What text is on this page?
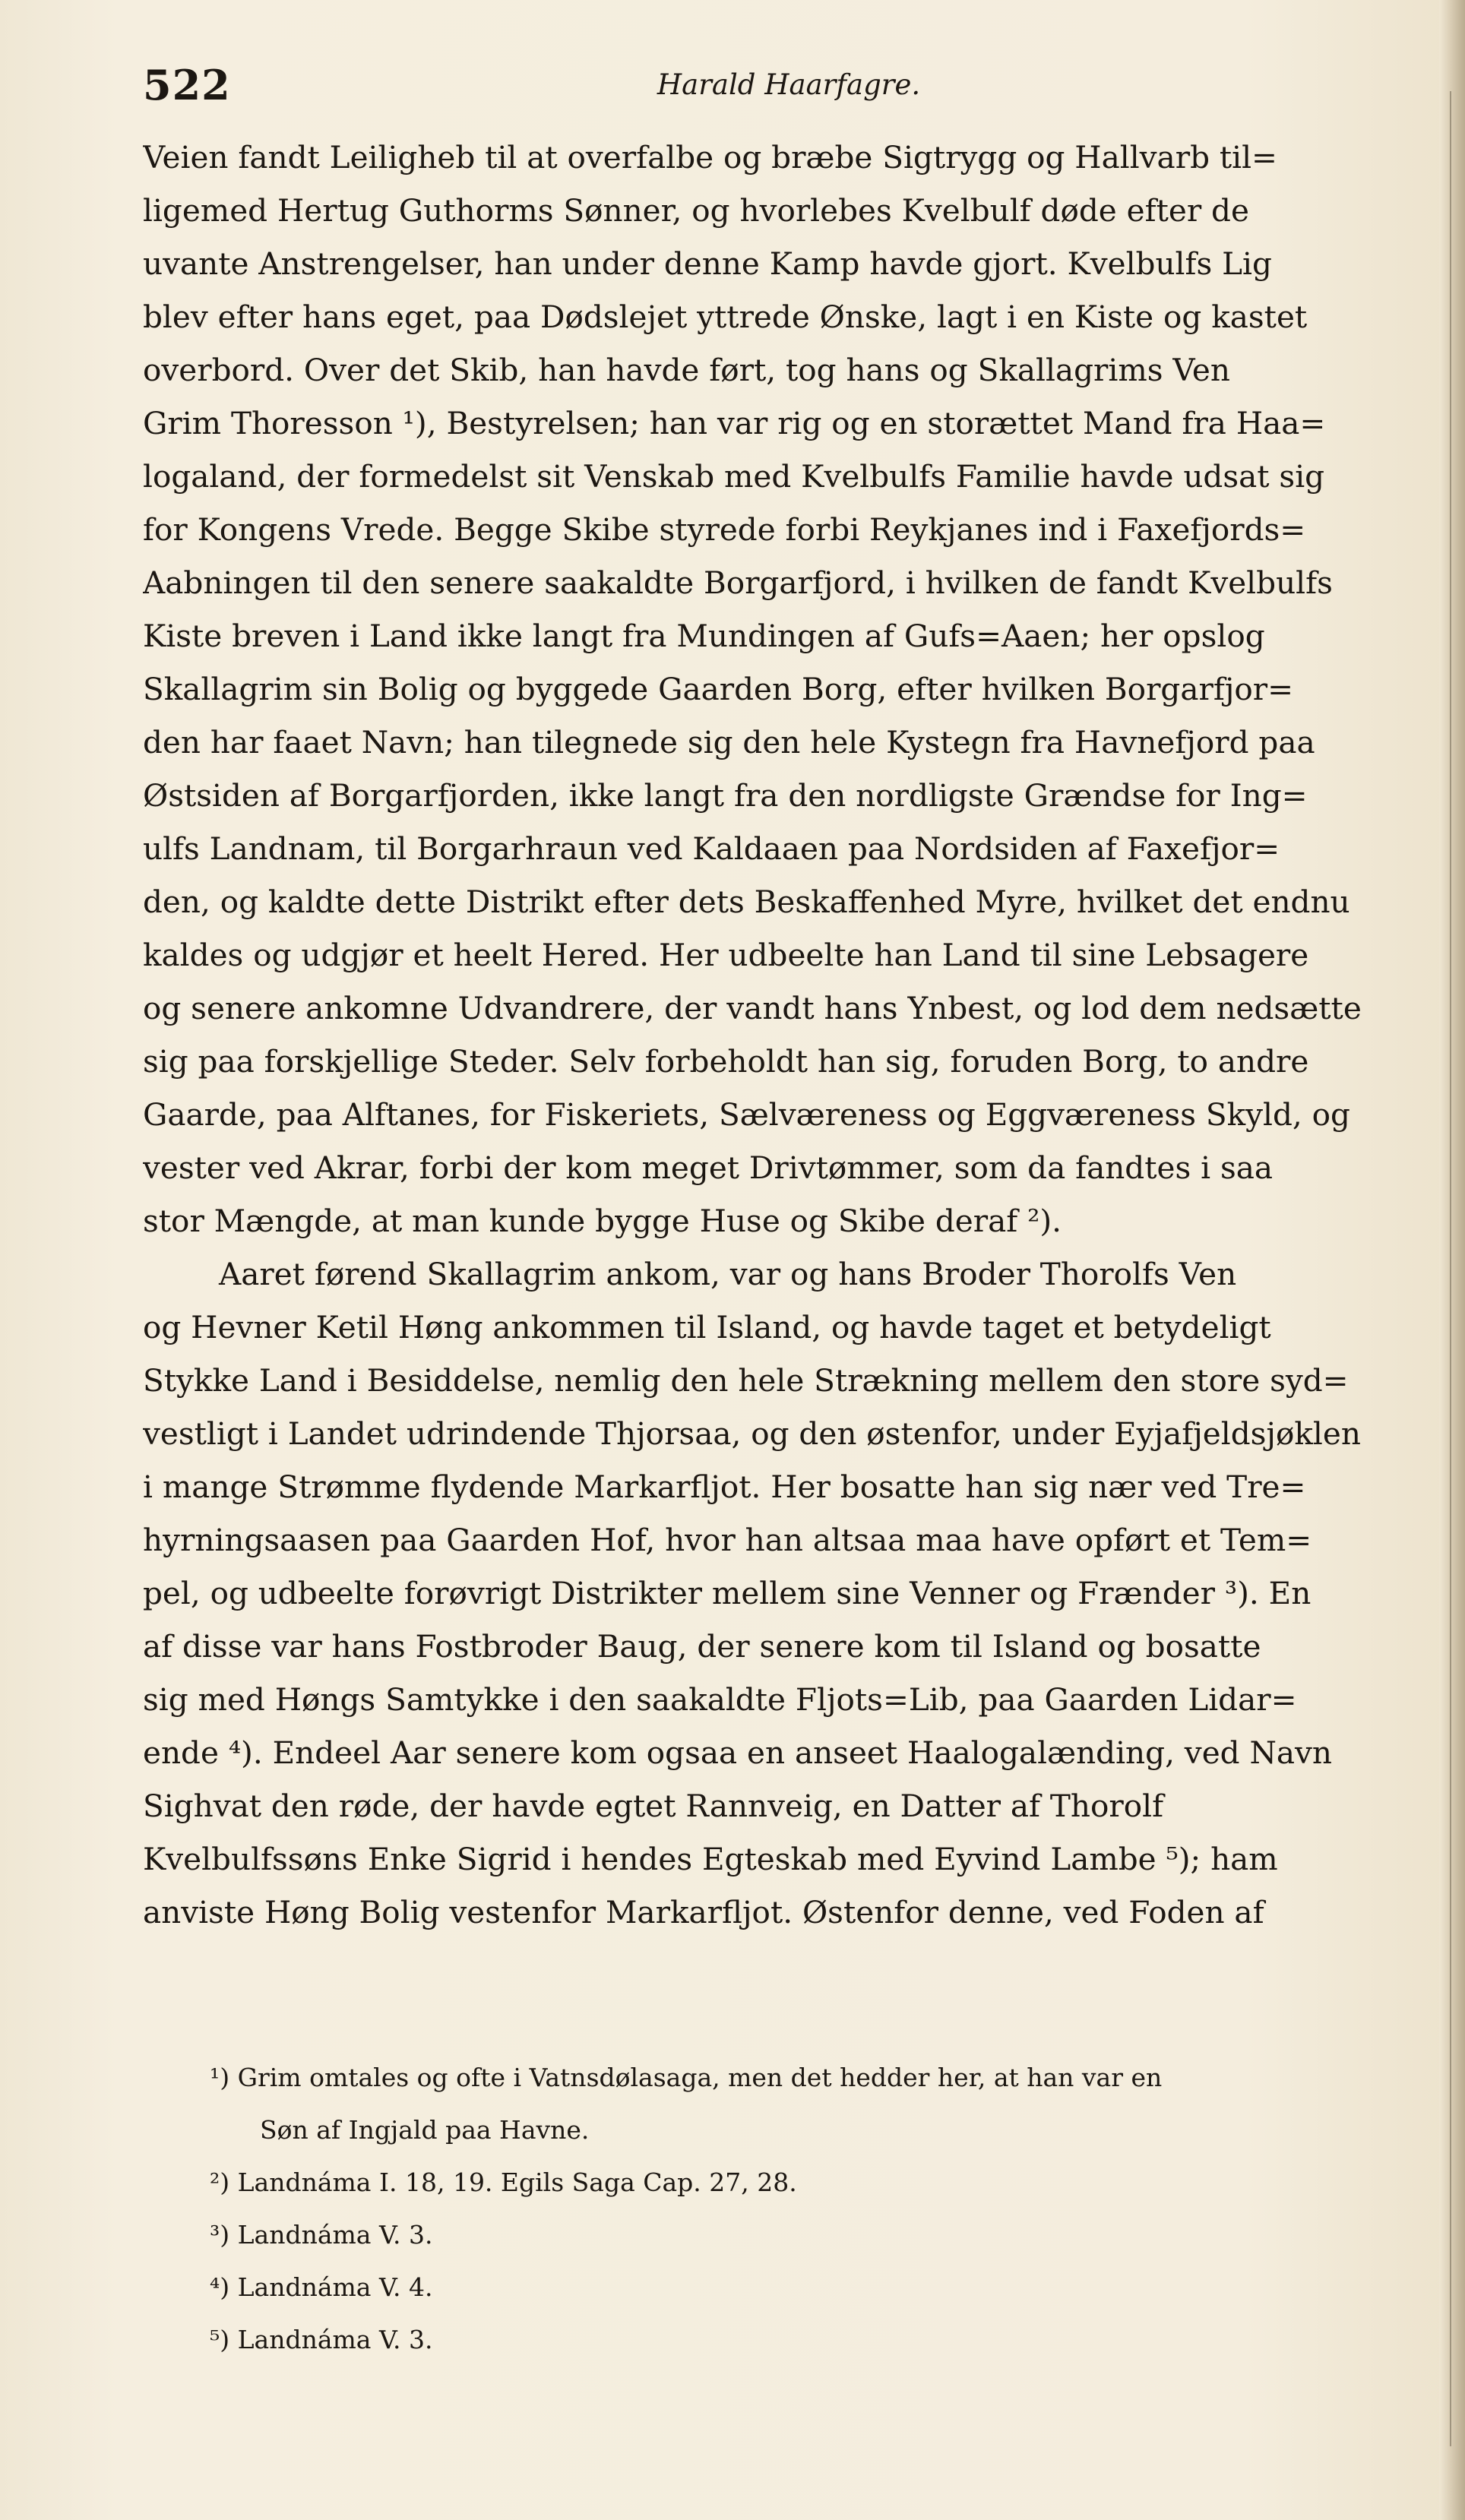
522	Harald Haarfagre.
Veien fandt Leiligheb til at overfalbe og bræbe Sigtrygg og Hallvarb til=
ligemed Hertug Guthorms Sønner, og hvorlebes Kvelbulf døde efter de
uvante Anstrengelser, han under denne Kamp havde gjort. Kvelbulfs Lig
blev efter hans eget, paa Dødslejet yttrede Ønske, lagt i en Kiste og kastet
overbord. Over det Skib, han havde ført, tog hans og Skallagrims Ven
Grim Thoresson ¹), Bestyrelsen; han var rig og en storættet Mand fra Haa=
logaland, der formedelst sit Venskab med Kvelbulfs Familie havde udsat sig
for Kongens Vrede. Begge Skibe styrede forbi Reykjanes ind i Faxefjords=
Aabningen til den senere saakaldte Borgarfjord, i hvilken de fandt Kvelbulfs
Kiste breven i Land ikke langt fra Mundingen af Gufs=Aaen; her opslog
Skallagrim sin Bolig og byggede Gaarden Borg, efter hvilken Borgarfjor=
den har faaet Navn; han tilegnede sig den hele Kystegn fra Havnefjord paa
Østsiden af Borgarfjorden, ikke langt fra den nordligste Grændse for Ing=
ulfs Landnam, til Borgarhraun ved Kaldaaen paa Nordsiden af Faxefjor=
den, og kaldte dette Distrikt efter dets Beskaffenhed Myre, hvilket det endnu
kaldes og udgjør et heelt Hered. Her udbeelte han Land til sine Lebsagere
og senere ankomne Udvandrere, der vandt hans Ynbest, og lod dem nedsætte
sig paa forskjellige Steder. Selv forbeholdt han sig, foruden Borg, to andre
Gaarde, paa Alftanes, for Fiskeriets, Sælværeness og Eggværeness Skyld, og
vester ved Akrar, forbi der kom meget Drivtømmer, som da fandtes i saa
stor Mængde, at man kunde bygge Huse og Skibe deraf ²).
Aaret førend Skallagrim ankom, var og hans Broder Thorolfs Ven
og Hevner Ketil Høng ankommen til Island, og havde taget et betydeligt
Stykke Land i Besiddelse, nemlig den hele Strækning mellem den store syd=
vestligt i Landet udrindende Thjorsaa, og den østenfor, under Eyjafjeldsjøklen
i mange Strømme flydende Markarfljot. Her bosatte han sig nær ved Tre=
hyrningsaasen paa Gaarden Hof, hvor han altsaa maa have opført et Tem=
pel, og udbeelte forøvrigt Distrikter mellem sine Venner og Frænder ³). En
af disse var hans Fostbroder Baug, der senere kom til Island og bosatte
sig med Høngs Samtykke i den saakaldte Fljots=Lib, paa Gaarden Lidar=
ende ⁴). Endeel Aar senere kom ogsaa en anseet Haalogalænding, ved Navn
Sighvat den røde, der havde egtet Rannveig, en Datter af Thorolf
Kvelbulfssøns Enke Sigrid i hendes Egteskab med Eyvind Lambe ⁵); ham
anviste Høng Bolig vestenfor Markarfljot. Østenfor denne, ved Foden af
¹) Grim omtales og ofte i Vatnsdølasaga, men det hedder her, at han var en
Søn af Ingjald paa Havne.
²) Landnáma I. 18, 19. Egils Saga Cap. 27, 28.
³) Landnáma V. 3.
⁴) Landnáma V. 4.
⁵) Landnáma V. 3.
